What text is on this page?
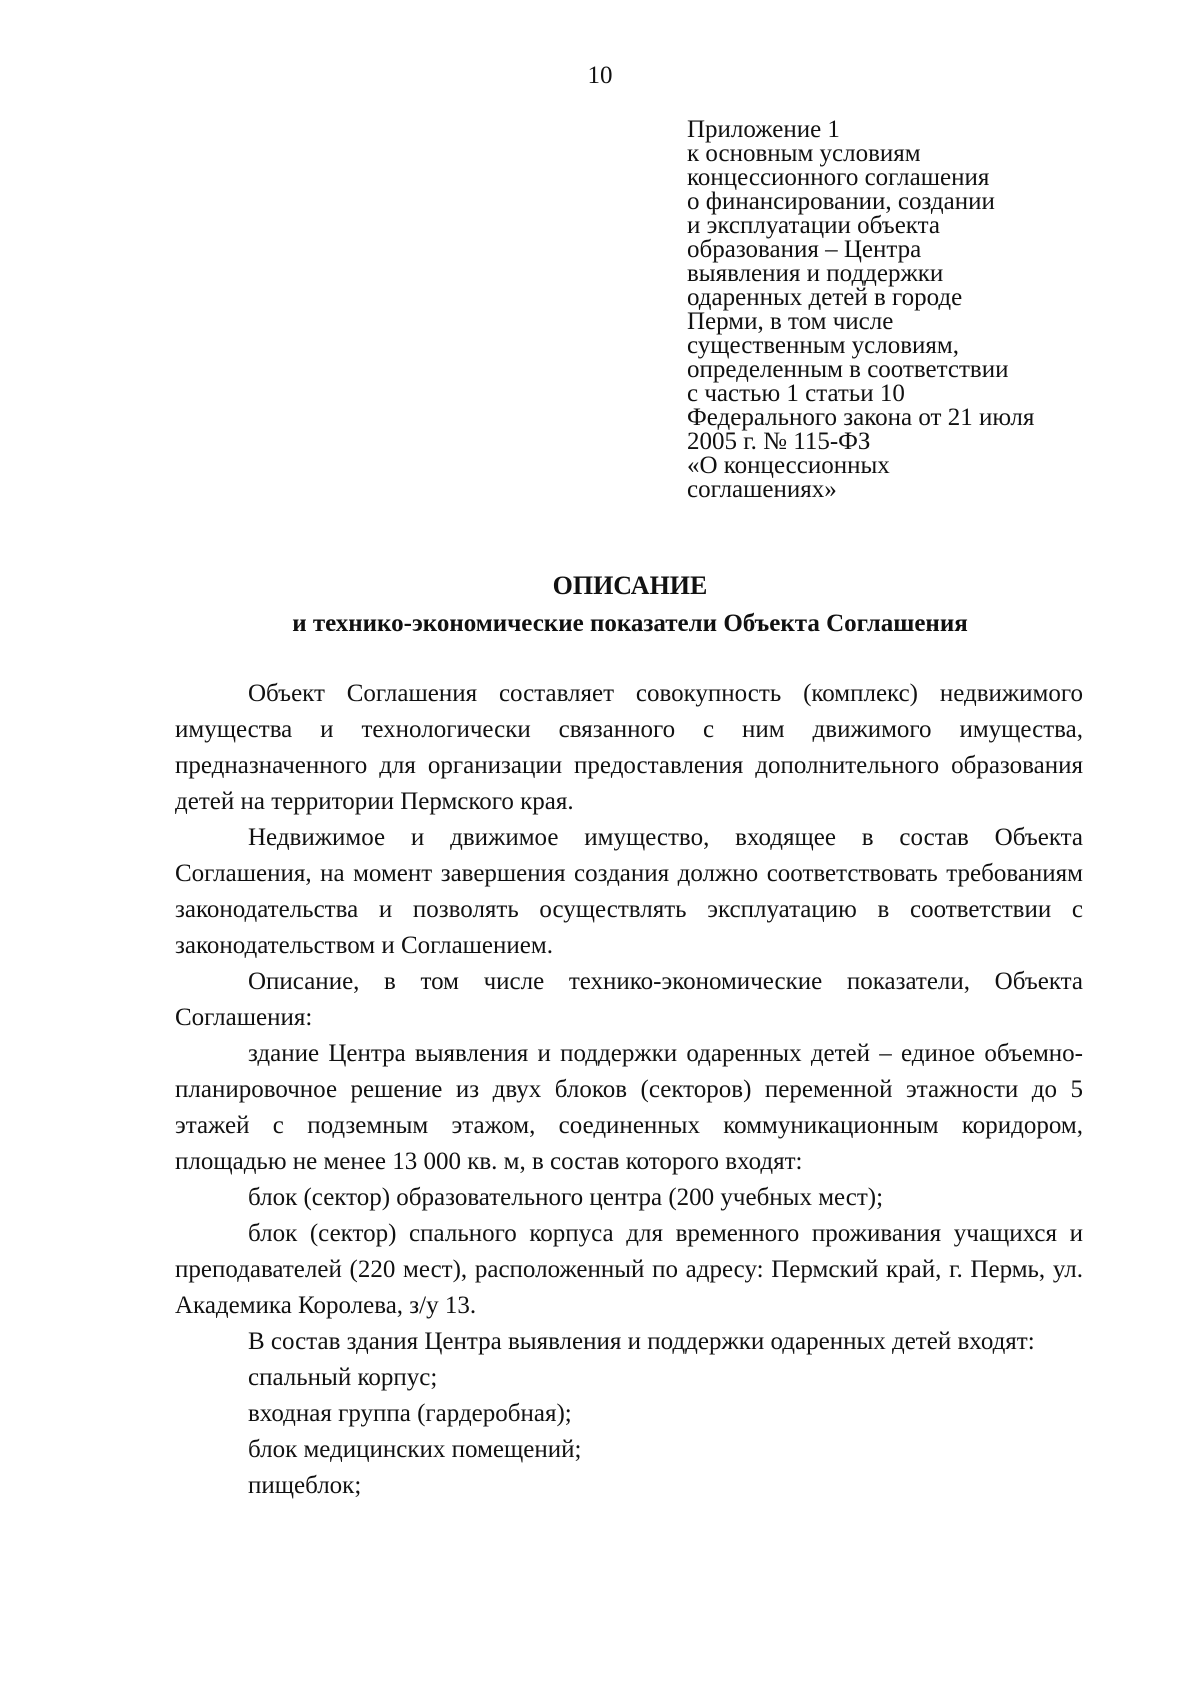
10
Приложение 1
к основным условиям
концессионного соглашения
о финансировании, создании
и эксплуатации объекта
образования – Центра
выявления и поддержки
одаренных детей в городе
Перми, в том числе
существенным условиям,
определенным в соответствии
с частью 1 статьи 10
Федерального закона от 21 июля
2005 г. № 115-ФЗ
«О концессионных
соглашениях»
ОПИСАНИЕ
и технико-экономические показатели Объекта Соглашения

Объект Соглашения составляет совокупность (комплекс) недвижимого имущества и технологически связанного с ним движимого имущества, предназначенного для организации предоставления дополнительного образования детей на территории Пермского края.

Недвижимое и движимое имущество, входящее в состав Объекта Соглашения, на момент завершения создания должно соответствовать требованиям законодательства и позволять осуществлять эксплуатацию в соответствии с законодательством и Соглашением.

Описание, в том числе технико-экономические показатели, Объекта Соглашения:

здание Центра выявления и поддержки одаренных детей – единое объемно-планировочное решение из двух блоков (секторов) переменной этажности до 5 этажей с подземным этажом, соединенных коммуникационным коридором, площадью не менее 13 000 кв. м, в состав которого входят:

блок (сектор) образовательного центра (200 учебных мест);

блок (сектор) спального корпуса для временного проживания учащихся и преподавателей (220 мест), расположенный по адресу: Пермский край, г. Пермь, ул. Академика Королева, з/у 13.

В состав здания Центра выявления и поддержки одаренных детей входят:

спальный корпус;

входная группа (гардеробная);

блок медицинских помещений;

пищеблок;
